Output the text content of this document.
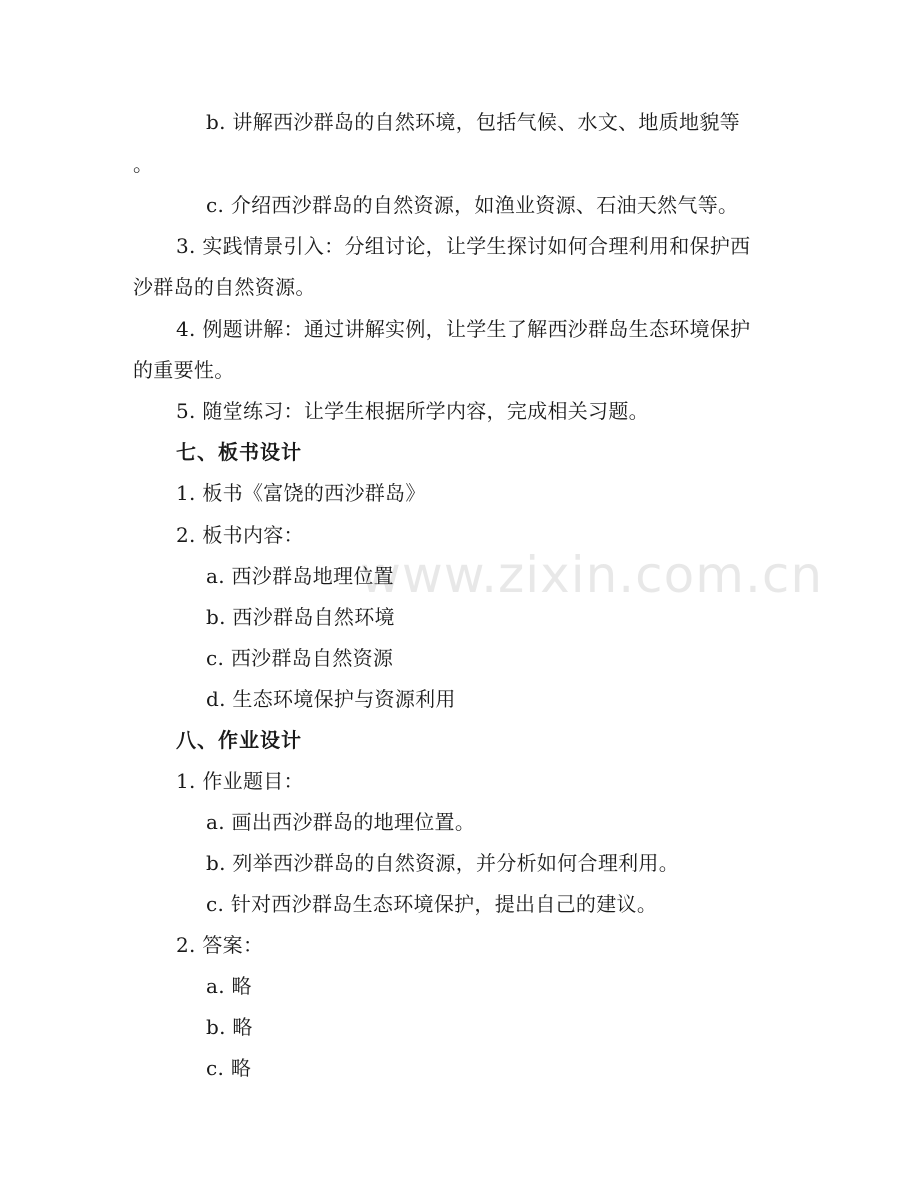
b. 讲解西沙群岛的自然环境，包括气候、水文、地质地貌等
。
c. 介绍西沙群岛的自然资源，如渔业资源、石油天然气等。
3. 实践情景引入：分组讨论，让学生探讨如何合理利用和保护西
沙群岛的自然资源。
4. 例题讲解：通过讲解实例，让学生了解西沙群岛生态环境保护
的重要性。
5. 随堂练习：让学生根据所学内容，完成相关习题。
七、板书设计
1. 板书《富饶的西沙群岛》
2. 板书内容：
a. 西沙群岛地理位置
b. 西沙群岛自然环境
c. 西沙群岛自然资源
d. 生态环境保护与资源利用
八、作业设计
1. 作业题目：
a. 画出西沙群岛的地理位置。
b. 列举西沙群岛的自然资源，并分析如何合理利用。
c. 针对西沙群岛生态环境保护，提出自己的建议。
2. 答案：
a. 略
b. 略
c. 略
www.zixin.com.cn
